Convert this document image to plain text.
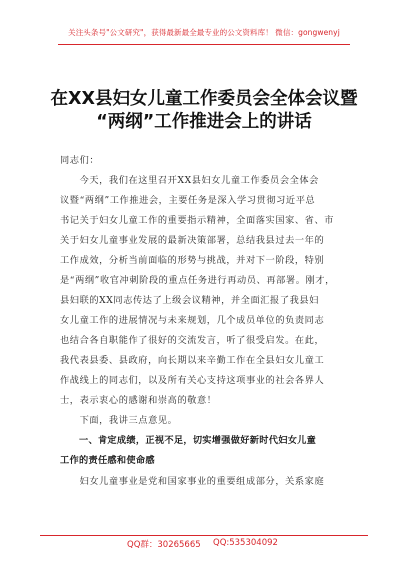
关注头条号"公文研究"，获得最新最全最专业的公文资料库！ 微信：gongwenyj
在XX县妇女儿童工作委员会全体会议暨
“两纲”工作推进会上的讲话
同志们：
　　今天，我们在这里召开XX县妇女儿童工作委员会全体会
议暨“两纲”工作推进会，主要任务是深入学习贯彻习近平总
书记关于妇女儿童工作的重要指示精神，全面落实国家、省、市
关于妇女儿童事业发展的最新决策部署，总结我县过去一年的
工作成效，分析当前面临的形势与挑战，并对下一阶段，特别
是“两纲”收官冲刺阶段的重点任务进行再动员、再部署。刚才，
县妇联的XX同志传达了上级会议精神，并全面汇报了我县妇
女儿童工作的进展情况与未来规划，几个成员单位的负责同志
也结合各自职能作了很好的交流发言，听了很受启发。在此，
我代表县委、县政府，向长期以来辛勤工作在全县妇女儿童工
作战线上的同志们，以及所有关心支持这项事业的社会各界人
士，表示衷心的感谢和崇高的敬意！
　　下面，我讲三点意见。
　　一、肯定成绩，正视不足，切实增强做好新时代妇女儿童
工作的责任感和使命感
　　妇女儿童事业是党和国家事业的重要组成部分，关系家庭
QQ群：30265665 QQ:535304092
